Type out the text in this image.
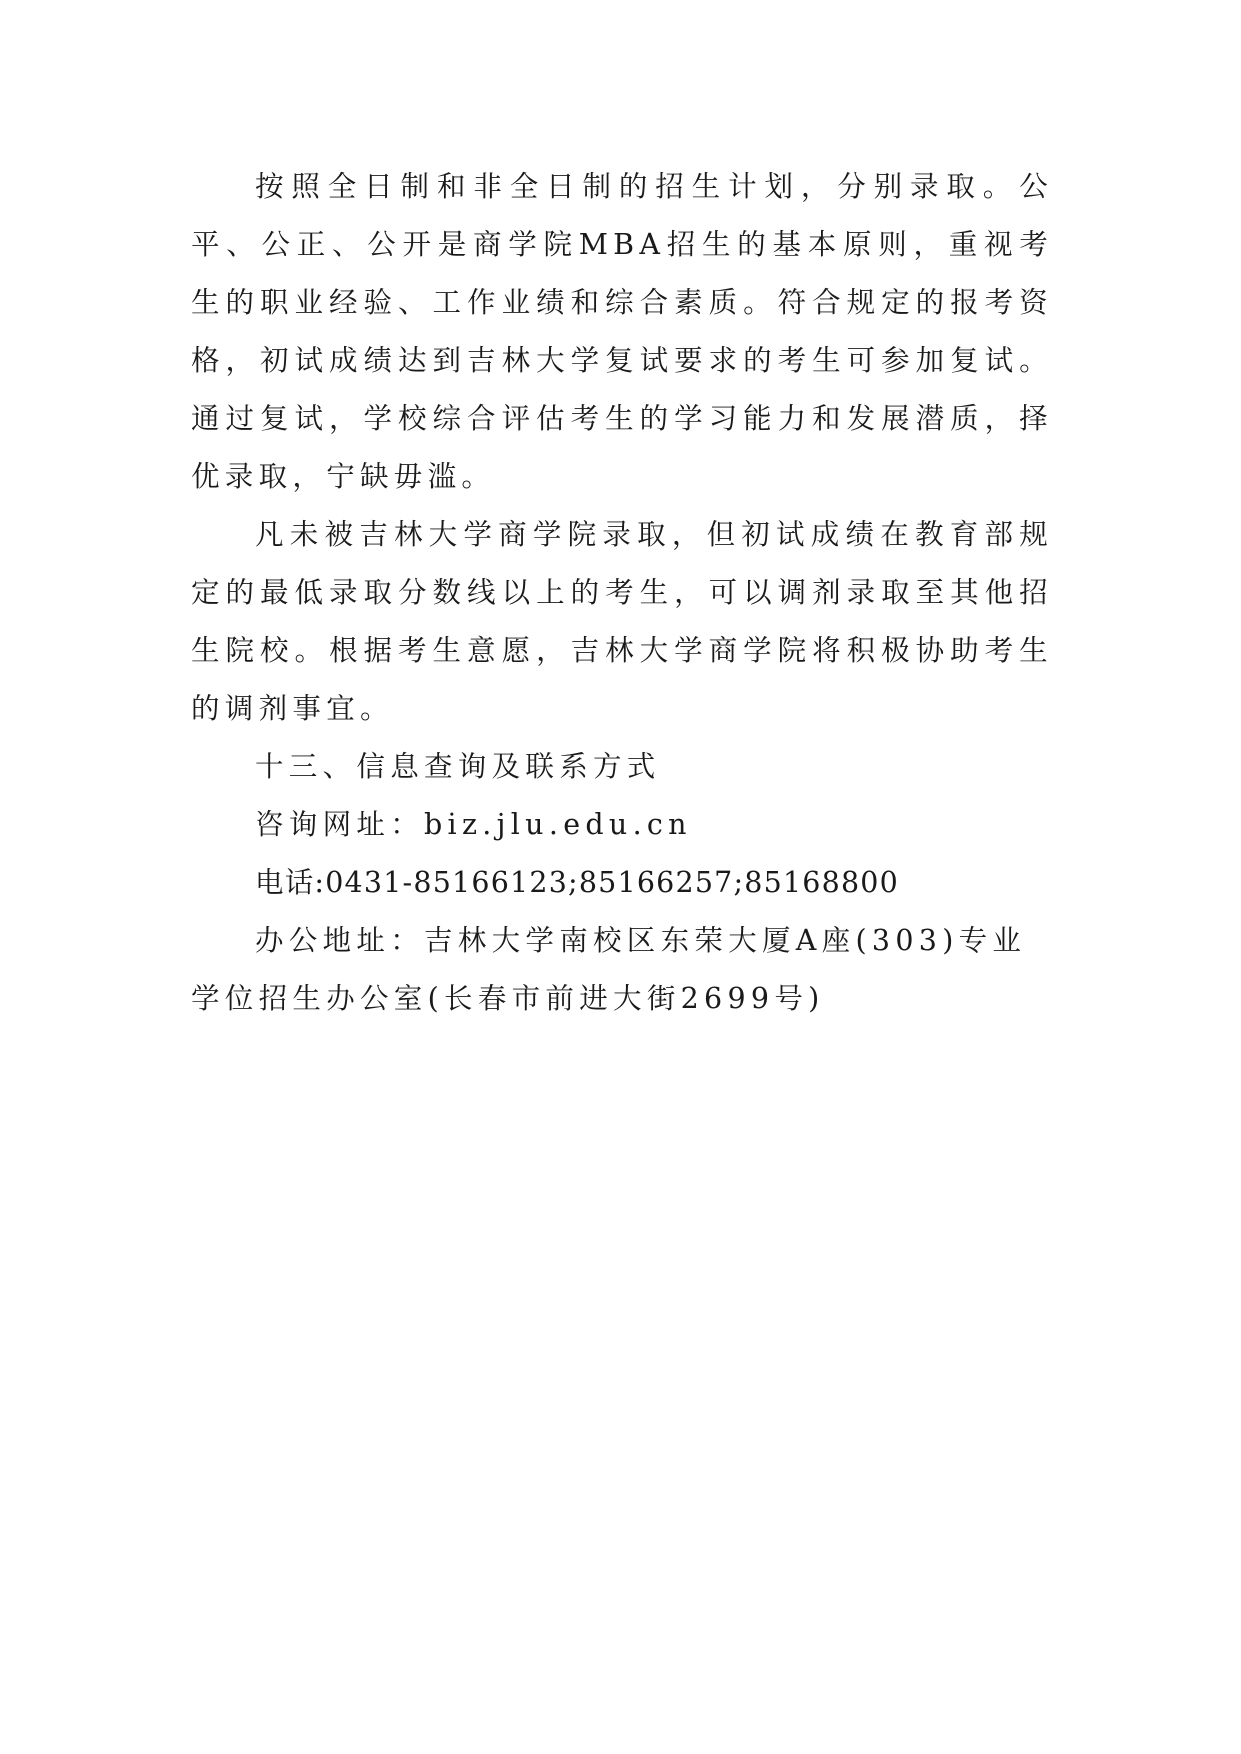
按照全日制和非全日制的招生计划，分别录取。公平、公正、公开是商学院MBA招生的基本原则，重视考生的职业经验、工作业绩和综合素质。符合规定的报考资格，初试成绩达到吉林大学复试要求的考生可参加复试。通过复试，学校综合评估考生的学习能力和发展潜质，择优录取，宁缺毋滥。

凡未被吉林大学商学院录取，但初试成绩在教育部规定的最低录取分数线以上的考生，可以调剂录取至其他招生院校。根据考生意愿，吉林大学商学院将积极协助考生的调剂事宜。

十三、信息查询及联系方式

咨询网址：biz.jlu.edu.cn

电话:0431-85166123;85166257;85168800

办公地址：吉林大学南校区东荣大厦A座(303)专业学位招生办公室(长春市前进大街2699号)
